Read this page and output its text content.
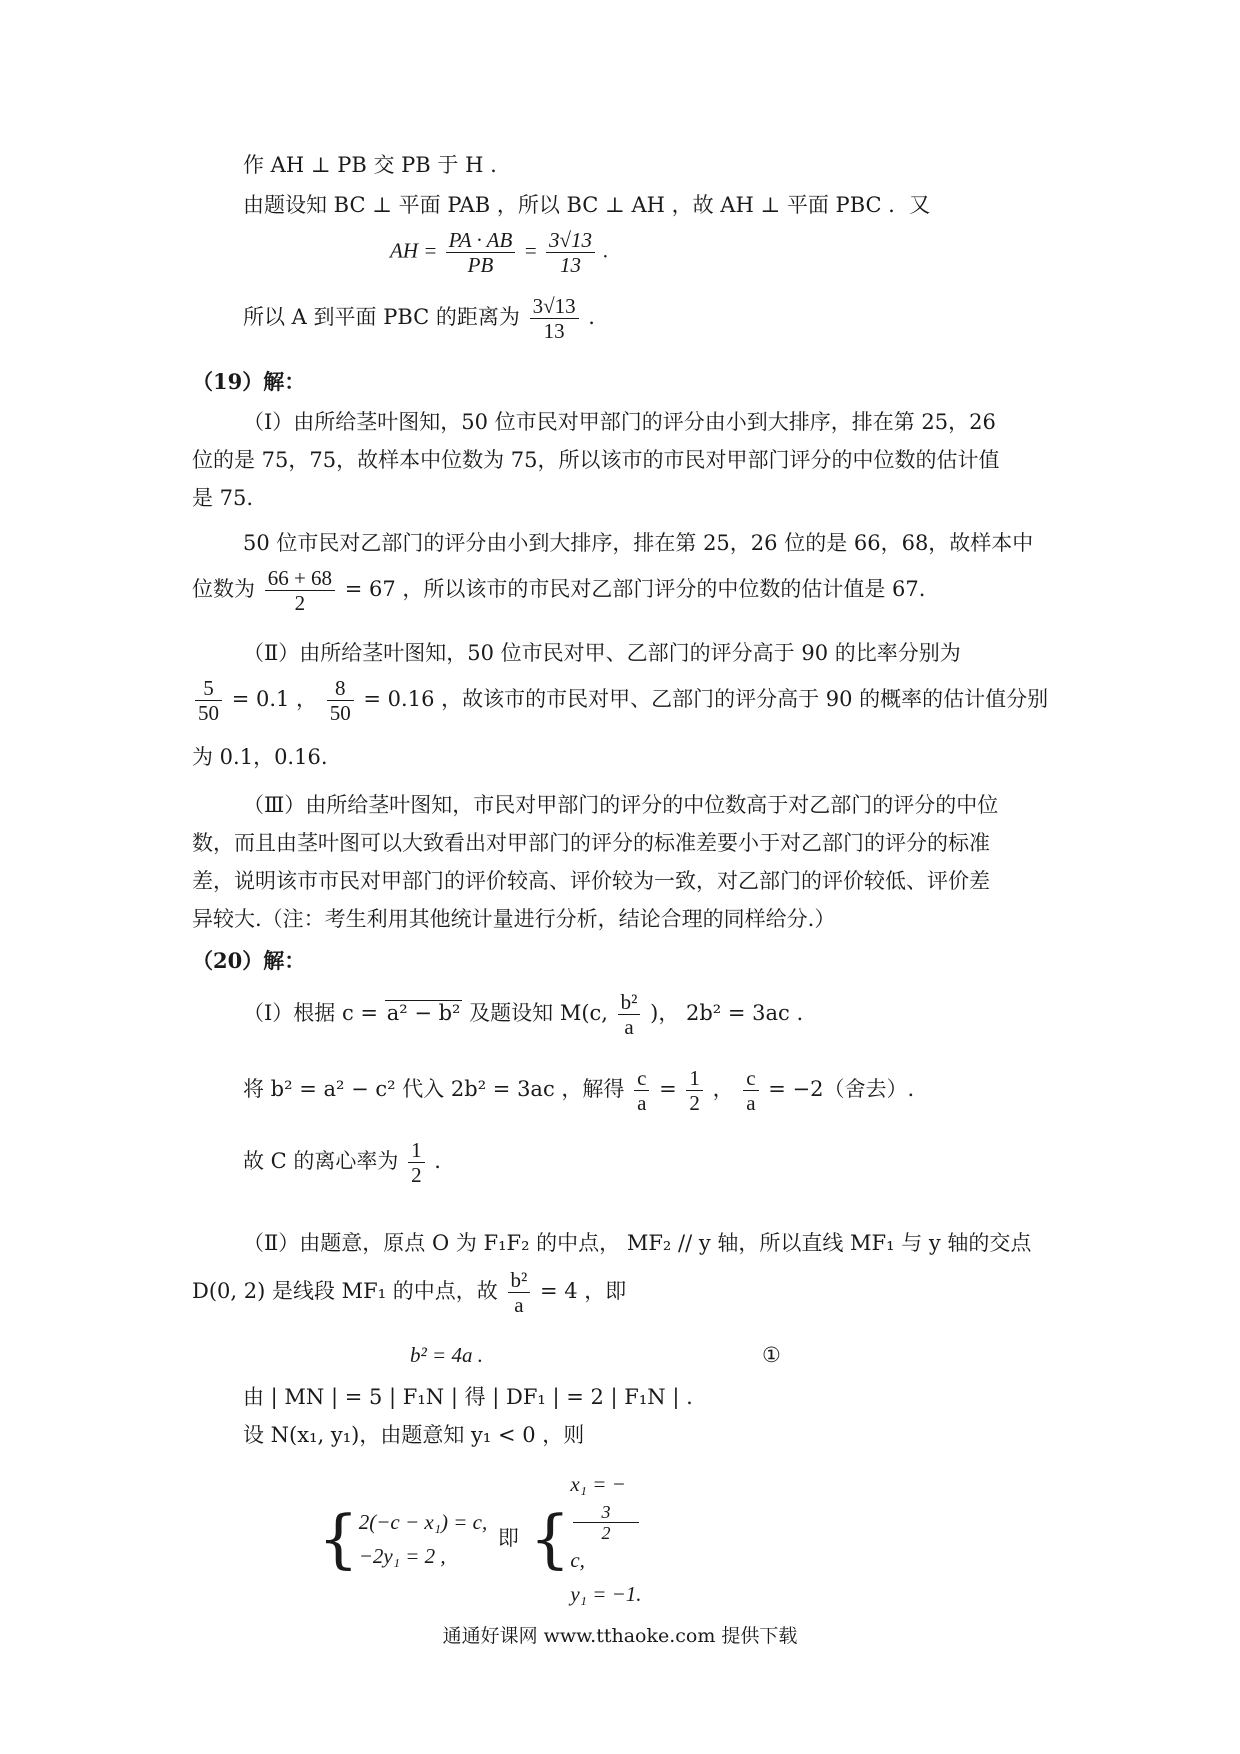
作 AH ⊥ PB 交 PB 于 H .
由题设知 BC ⊥ 平面 PAB ，所以 BC ⊥ AH ，故 AH ⊥ 平面 PBC ．又
AH = $\frac{PA \cdot AB}{PB} = \frac{3√13}{13}$ .
所以 A 到平面 PBC 的距离为 $\frac{3√13}{13}$ .
（19）解：
（Ⅰ）由所给茎叶图知，50 位市民对甲部门的评分由小到大排序，排在第 25，26
位的是 75，75，故样本中位数为 75，所以该市的市民对甲部门评分的中位数的估计值
是 75.
50 位市民对乙部门的评分由小到大排序，排在第 25，26 位的是 66，68，故样本中
位数为 $\frac{66 + 68}{2} = 67$ ，所以该市的市民对乙部门评分的中位数的估计值是 67.
（Ⅱ）由所给茎叶图知，50 位市民对甲、乙部门的评分高于 90 的比率分别为
$\frac{5}{50} = 0.1$ ， $\frac{8}{50} = 0.16$ ，故该市的市民对甲、乙部门的评分高于 90 的概率的估计值分别
为 0.1，0.16.
（Ⅲ）由所给茎叶图知，市民对甲部门的评分的中位数高于对乙部门的评分的中位
数，而且由茎叶图可以大致看出对甲部门的评分的标准差要小于对乙部门的评分的标准
差，说明该市市民对甲部门的评价较高、评价较为一致，对乙部门的评价较低、评价差
异较大.（注：考生利用其他统计量进行分析，结论合理的同样给分.）
（20）解：
（Ⅰ）根据 c = a² − b² 及题设知 M(c, $\frac{\text{b²}}{a}$ )， 2b² = 3ac .
将 b² = a² − c² 代入 2b² = 3ac ，解得 $\frac{c}{a} = \frac{1}{2}$ ， $\frac{c}{a} = -2$（舍去）.
故 C 的离心率为 $\frac{1}{2}$ .
（Ⅱ）由题意，原点 O 为 F₁F₂ 的中点， MF₂ // y 轴，所以直线 MF₁ 与 y 轴的交点
D(0, 2) 是线段 MF₁ 的中点，故 $\frac{\text{b²}}{a} = 4$ ，即
b² = 4a .	①
由 | MN | = 5 | F₁N | 得 | DF₁ | = 2 | F₁N | .
设 N(x₁, y₁)，由题意知 y₁ < 0 ，则
{ 2(−c − x₁) = c,
−2y₁ = 2 ,
即 {
x₁ = −
3
2
c,
y₁ = −1.
通通好课网 www.tthaoke.com 提供下载
